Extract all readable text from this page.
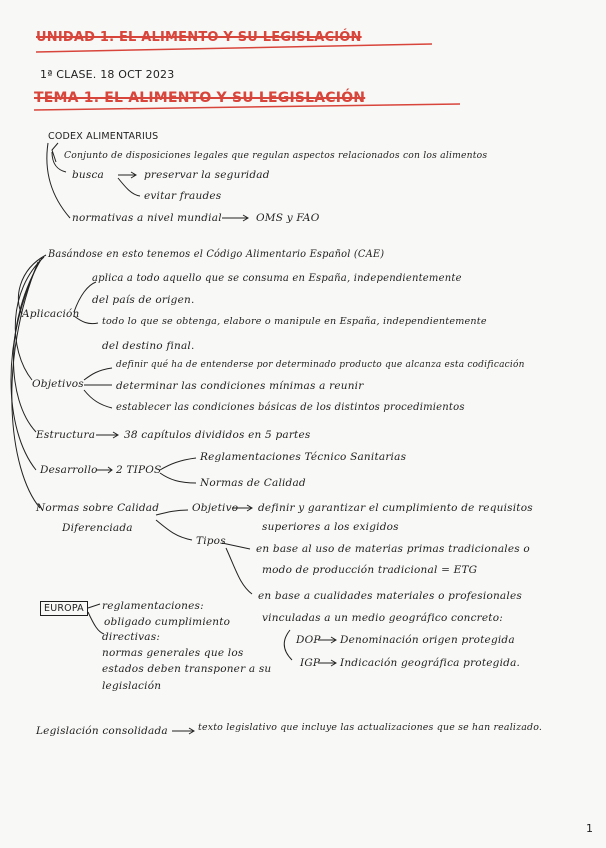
UNIDAD 1. EL ALIMENTO Y SU LEGISLACIÓN
1ª CLASE. 18 OCT 2023
TEMA 1. EL ALIMENTO Y SU LEGISLACIÓN
CODEX ALIMENTARIUS
Conjunto de disposiciones legales que regulan aspectos relacionados con los alimentos
busca	preservar la seguridad
evitar fraudes
normativas a nivel mundial	OMS y FAO
Basándose en esto tenemos el Código Alimentario Español (CAE)
Aplicación
aplica a todo aquello que se consuma en España, independientemente
del país de origen.
todo lo que se obtenga, elabore o manipule en España, independientemente
del destino final.
Objetivos
definir qué ha de entenderse por determinado producto que alcanza esta codificación
determinar las condiciones mínimas a reunir
establecer las condiciones básicas de los distintos procedimientos
Estructura	38 capítulos divididos en 5 partes
Desarrollo 2 TIPOS
Reglamentaciones Técnico Sanitarias
Normas de Calidad
Normas sobre Calidad
Diferenciada
Objetivo definir y garantizar el cumplimiento de requisitos
superiores a los exigidos
Tipos
en base al uso de materias primas tradicionales o
modo de producción tradicional = ETG
en base a cualidades materiales o profesionales
vinculadas a un medio geográfico concreto:
DOP Denominación origen protegida
IGP Indicación geográfica protegida.
EUROPA	reglamentaciones:
obligado cumplimiento
directivas:
normas generales que los
estados deben transponer a su
legislación
Legislación consolidada	texto legislativo que incluye las actualizaciones que se han realizado.
1
